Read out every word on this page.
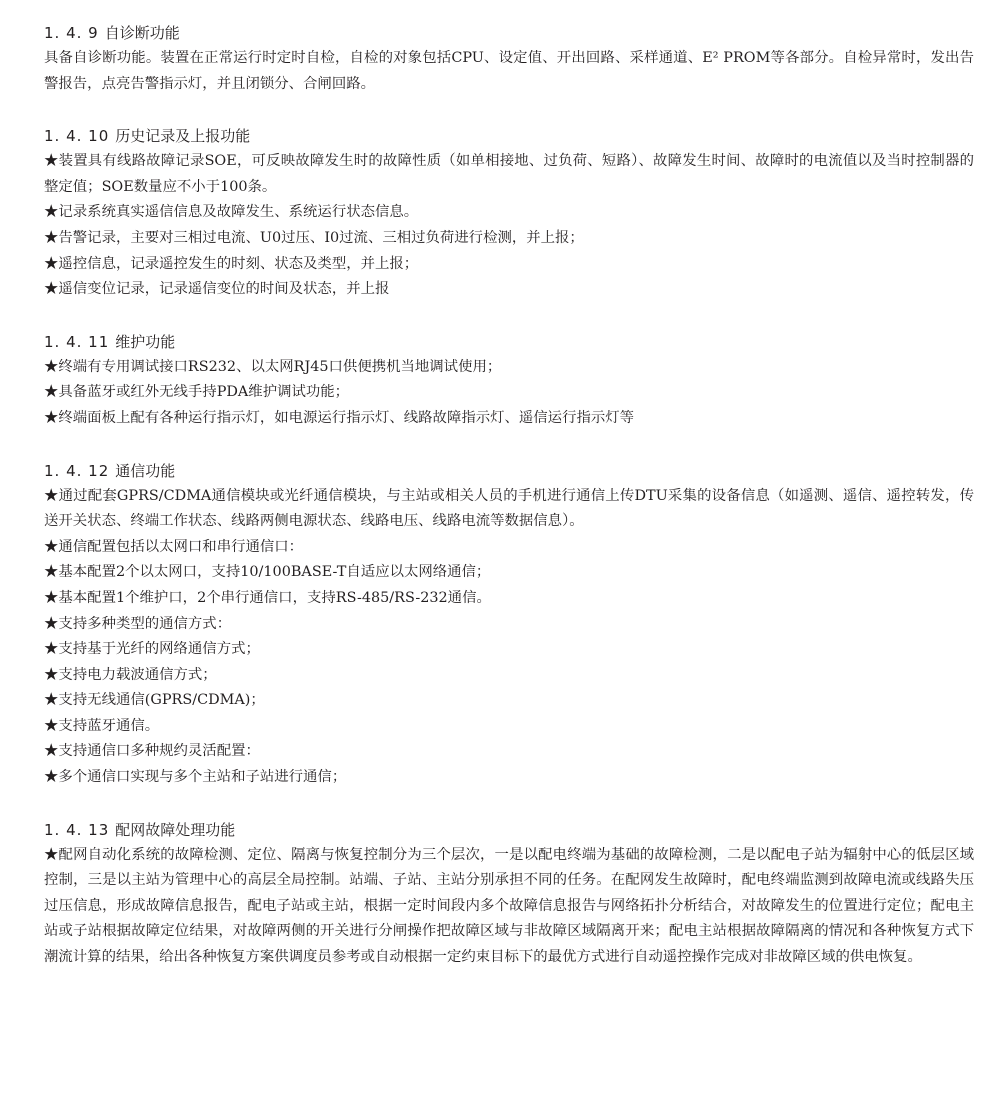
1. 4. 9 自诊断功能

具备自诊断功能。装置在正常运行时定时自检，自检的对象包括CPU、设定值、开出回路、采样通道、E² PROM等各部分。自检异常时，发出告警报告，点亮告警指示灯，并且闭锁分、合闸回路。

1. 4. 10 历史记录及上报功能

★装置具有线路故障记录SOE，可反映故障发生时的故障性质（如单相接地、过负荷、短路）、故障发生时间、故障时的电流值以及当时控制器的整定值；SOE数量应不小于100条。

★记录系统真实遥信信息及故障发生、系统运行状态信息。

★告警记录，主要对三相过电流、U0过压、I0过流、三相过负荷进行检测，并上报；

★遥控信息，记录遥控发生的时刻、状态及类型，并上报；

★遥信变位记录，记录遥信变位的时间及状态，并上报

1. 4. 11 维护功能

★终端有专用调试接口RS232、以太网RJ45口供便携机当地调试使用；

★具备蓝牙或红外无线手持PDA维护调试功能；

★终端面板上配有各种运行指示灯，如电源运行指示灯、线路故障指示灯、遥信运行指示灯等

1. 4. 12 通信功能

★通过配套GPRS/CDMA通信模块或光纤通信模块，与主站或相关人员的手机进行通信上传DTU采集的设备信息（如遥测、遥信、遥控转发，传送开关状态、终端工作状态、线路两侧电源状态、线路电压、线路电流等数据信息）。

★通信配置包括以太网口和串行通信口：

★基本配置2个以太网口，支持10/100BASE-T自适应以太网络通信；

★基本配置1个维护口，2个串行通信口，支持RS-485/RS-232通信。

★支持多种类型的通信方式：

★支持基于光纤的网络通信方式；

★支持电力载波通信方式；

★支持无线通信(GPRS/CDMA)；

★支持蓝牙通信。

★支持通信口多种规约灵活配置：

★多个通信口实现与多个主站和子站进行通信；

1. 4. 13 配网故障处理功能

★配网自动化系统的故障检测、定位、隔离与恢复控制分为三个层次，一是以配电终端为基础的故障检测，二是以配电子站为辐射中心的低层区域控制，三是以主站为管理中心的高层全局控制。站端、子站、主站分别承担不同的任务。在配网发生故障时，配电终端监测到故障电流或线路失压过压信息，形成故障信息报告，配电子站或主站，根据一定时间段内多个故障信息报告与网络拓扑分析结合，对故障发生的位置进行定位；配电主站或子站根据故障定位结果，对故障两侧的开关进行分闸操作把故障区域与非故障区域隔离开来；配电主站根据故障隔离的情况和各种恢复方式下潮流计算的结果，给出各种恢复方案供调度员参考或自动根据一定约束目标下的最优方式进行自动遥控操作完成对非故障区域的供电恢复。
